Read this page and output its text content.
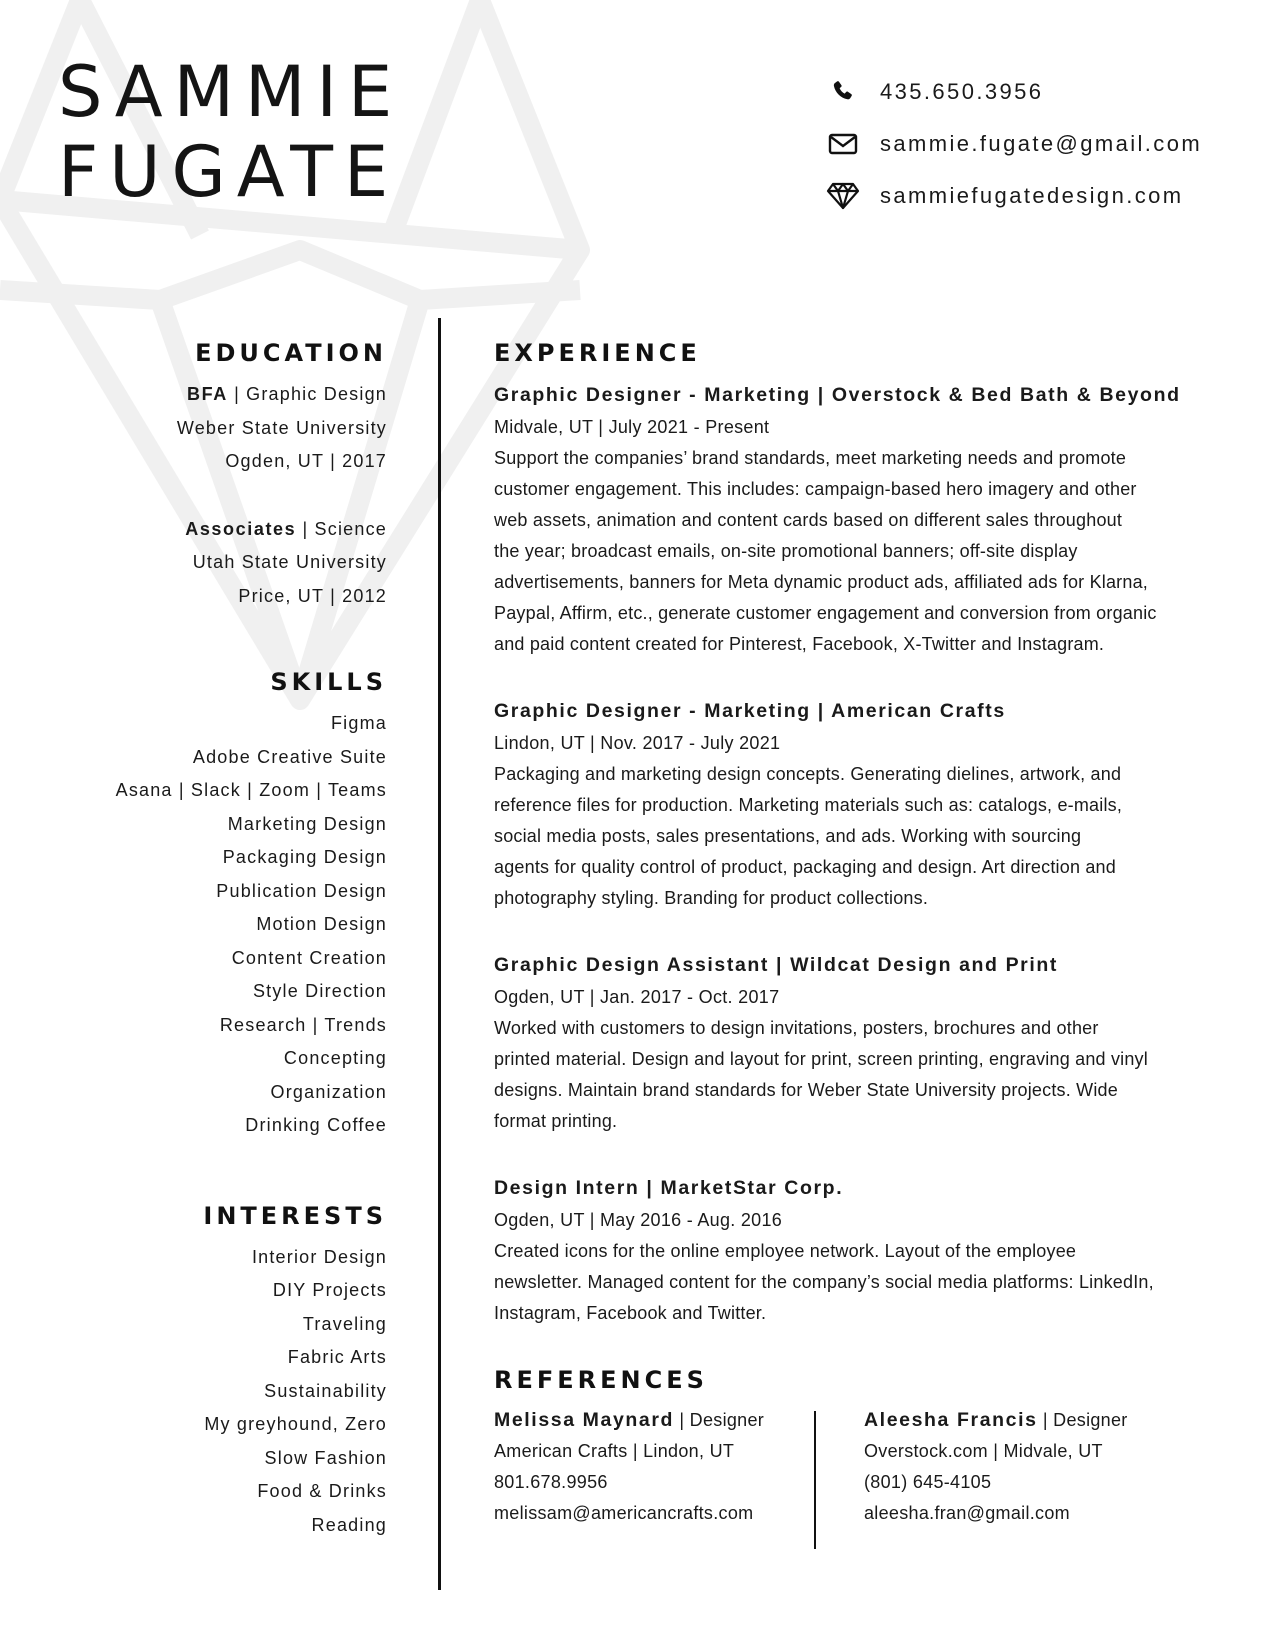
SAMMIE
FUGATE
435.650.3956
sammie.fugate@gmail.com
sammiefugatedesign.com
EDUCATION
BFA | Graphic Design
Weber State University
Ogden, UT | 2017
Associates | Science
Utah State University
Price, UT | 2012
SKILLS
Figma
Adobe Creative Suite
Asana | Slack | Zoom | Teams
Marketing Design
Packaging Design
Publication Design
Motion Design
Content Creation
Style Direction
Research | Trends
Concepting
Organization
Drinking Coffee
INTERESTS
Interior Design
DIY Projects
Traveling
Fabric Arts
Sustainability
My greyhound, Zero
Slow Fashion
Food & Drinks
Reading
EXPERIENCE
Graphic Designer - Marketing | Overstock & Bed Bath & Beyond
Midvale, UT | July 2021 - Present
Support the companies’ brand standards, meet marketing needs and promote
customer engagement. This includes: campaign-based hero imagery and other
web assets, animation and content cards based on different sales throughout
the year; broadcast emails, on-site promotional banners; off-site display
advertisements, banners for Meta dynamic product ads, affiliated ads for Klarna,
Paypal, Affirm, etc., generate customer engagement and conversion from organic
and paid content created for Pinterest, Facebook, X-Twitter and Instagram.
Graphic Designer - Marketing | American Crafts
Lindon, UT | Nov. 2017 - July 2021
Packaging and marketing design concepts. Generating dielines, artwork, and
reference files for production. Marketing materials such as: catalogs, e-mails,
social media posts, sales presentations, and ads. Working with sourcing
agents for quality control of product, packaging and design. Art direction and
photography styling. Branding for product collections.
Graphic Design Assistant | Wildcat Design and Print
Ogden, UT | Jan. 2017 - Oct. 2017
Worked with customers to design invitations, posters, brochures and other
printed material. Design and layout for print, screen printing, engraving and vinyl
designs. Maintain brand standards for Weber State University projects. Wide
format printing.
Design Intern | MarketStar Corp.
Ogden, UT | May 2016 - Aug. 2016
Created icons for the online employee network. Layout of the employee
newsletter. Managed content for the company’s social media platforms: LinkedIn,
Instagram, Facebook and Twitter.
REFERENCES
Melissa Maynard | Designer
American Crafts | Lindon, UT
801.678.9956
melissam@americancrafts.com
Aleesha Francis | Designer
Overstock.com | Midvale, UT
(801) 645-4105
aleesha.fran@gmail.com
